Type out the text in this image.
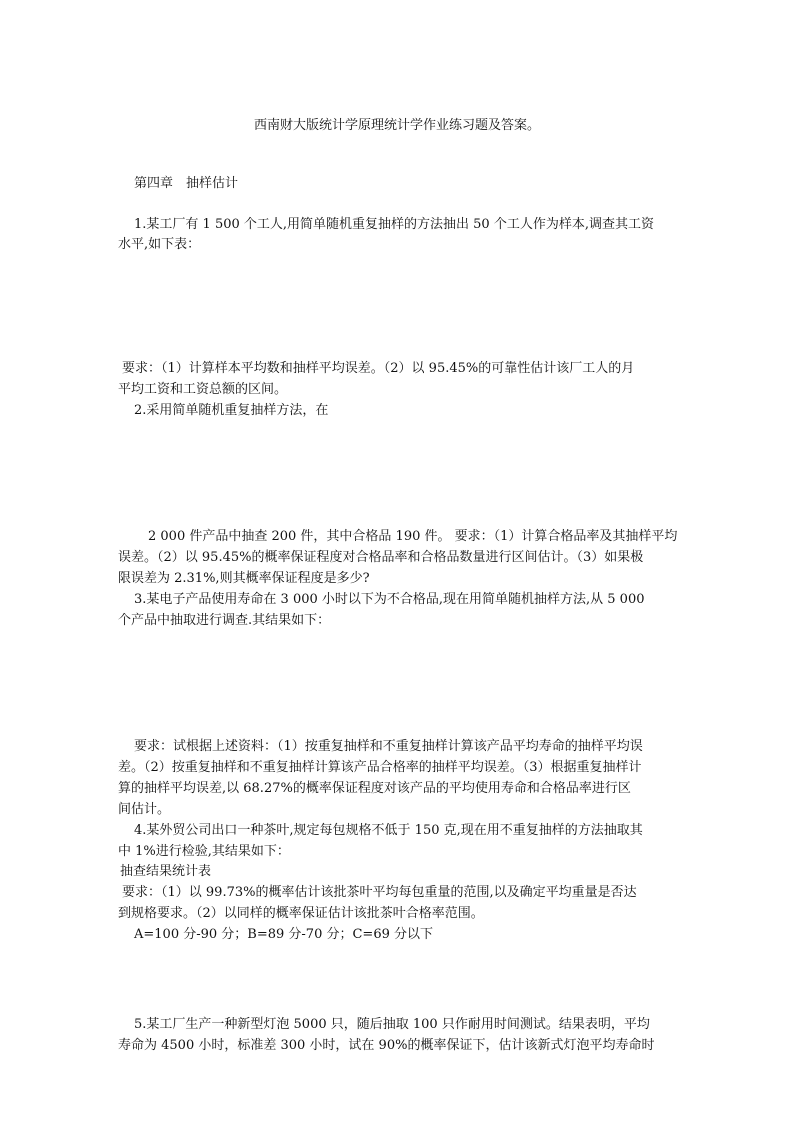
西南财大版统计学原理统计学作业练习题及答案。
第四章　抽样估计
1.某工厂有 1 500 个工人,用简单随机重复抽样的方法抽出 50 个工人作为样本,调查其工资
水平,如下表：
要求：（1）计算样本平均数和抽样平均误差。（2）以 95.45%的可靠性估计该厂工人的月
平均工资和工资总额的区间。
2.采用简单随机重复抽样方法，在
2 000 件产品中抽查 200 件，其中合格品 190 件。 要求：（1）计算合格品率及其抽样平均
误差。（2）以 95.45%的概率保证程度对合格品率和合格品数量进行区间估计。（3）如果极
限误差为 2.31%,则其概率保证程度是多少?
3.某电子产品使用寿命在 3 000 小时以下为不合格品,现在用简单随机抽样方法,从 5 000
个产品中抽取进行调查.其结果如下：
要求：试根据上述资料：（1）按重复抽样和不重复抽样计算该产品平均寿命的抽样平均误
差。（2）按重复抽样和不重复抽样计算该产品合格率的抽样平均误差。（3）根据重复抽样计
算的抽样平均误差,以 68.27%的概率保证程度对该产品的平均使用寿命和合格品率进行区
间估计。
4.某外贸公司出口一种茶叶,规定每包规格不低于 150 克,现在用不重复抽样的方法抽取其
中 1%进行检验,其结果如下：
抽查结果统计表
要求：（1）以 99.73%的概率估计该批茶叶平均每包重量的范围,以及确定平均重量是否达
到规格要求。（2）以同样的概率保证估计该批茶叶合格率范围。
A=100 分-90 分；B=89 分-70 分；C=69 分以下
5.某工厂生产一种新型灯泡 5000 只，随后抽取 100 只作耐用时间测试。结果表明，平均
寿命为 4500 小时，标准差 300 小时，试在 90%的概率保证下，估计该新式灯泡平均寿命时
